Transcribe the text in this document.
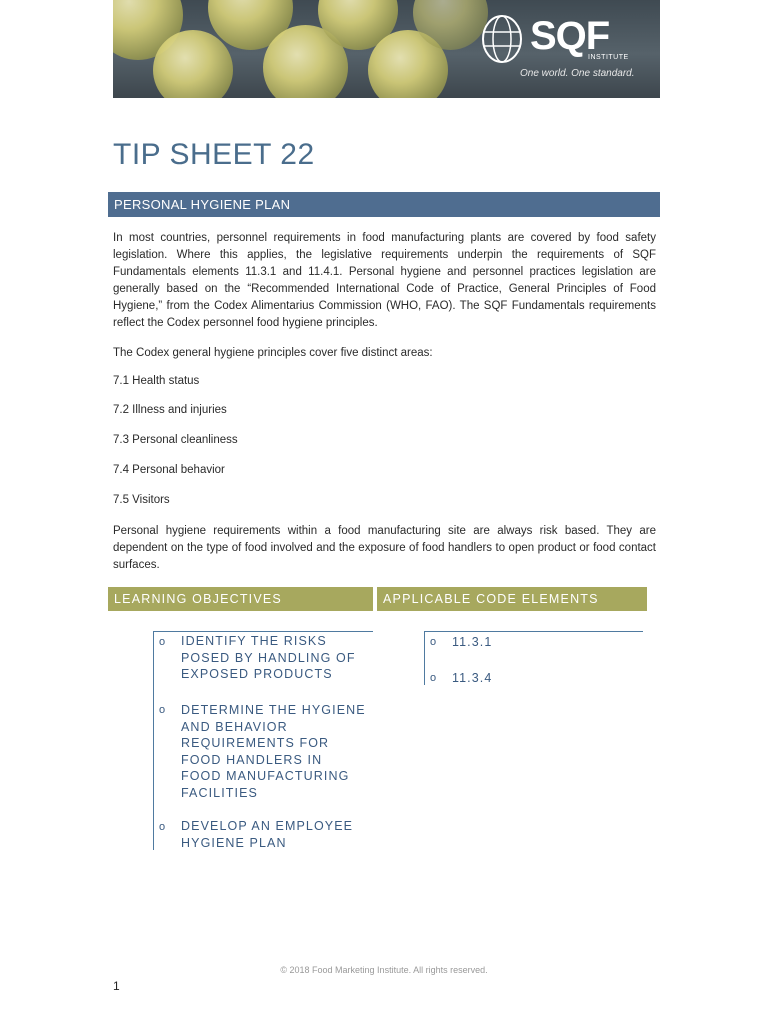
SQF
INSTITUTE
One world. One standard.
TIP SHEET 22
PERSONAL HYGIENE PLAN

In most countries, personnel requirements in food manufacturing plants are covered by food safety legislation. Where this applies, the legislative requirements underpin the requirements of SQF Fundamentals elements 11.3.1 and 11.4.1. Personal hygiene and personnel practices legislation are generally based on the “Recommended International Code of Practice, General Principles of Food Hygiene,” from the Codex Alimentarius Commission (WHO, FAO). The SQF Fundamentals requirements reflect the Codex personnel food hygiene principles.

The Codex general hygiene principles cover five distinct areas:

7.1 Health status

7.2 Illness and injuries

7.3 Personal cleanliness

7.4 Personal behavior

7.5 Visitors

Personal hygiene requirements within a food manufacturing site are always risk based. They are dependent on the type of food involved and the exposure of food handlers to open product or food contact surfaces.

LEARNING OBJECTIVES	APPLICABLE CODE ELEMENTS
o IDENTIFY THE RISKS POSED BY HANDLING OF EXPOSED PRODUCTS
o DETERMINE THE HYGIENE AND BEHAVIOR REQUIREMENTS FOR FOOD HANDLERS IN FOOD MANUFACTURING FACILITIES
o DEVELOP AN EMPLOYEE HYGIENE PLAN
o 11.3.1
o 11.3.4
© 2018 Food Marketing Institute. All rights reserved.
1
